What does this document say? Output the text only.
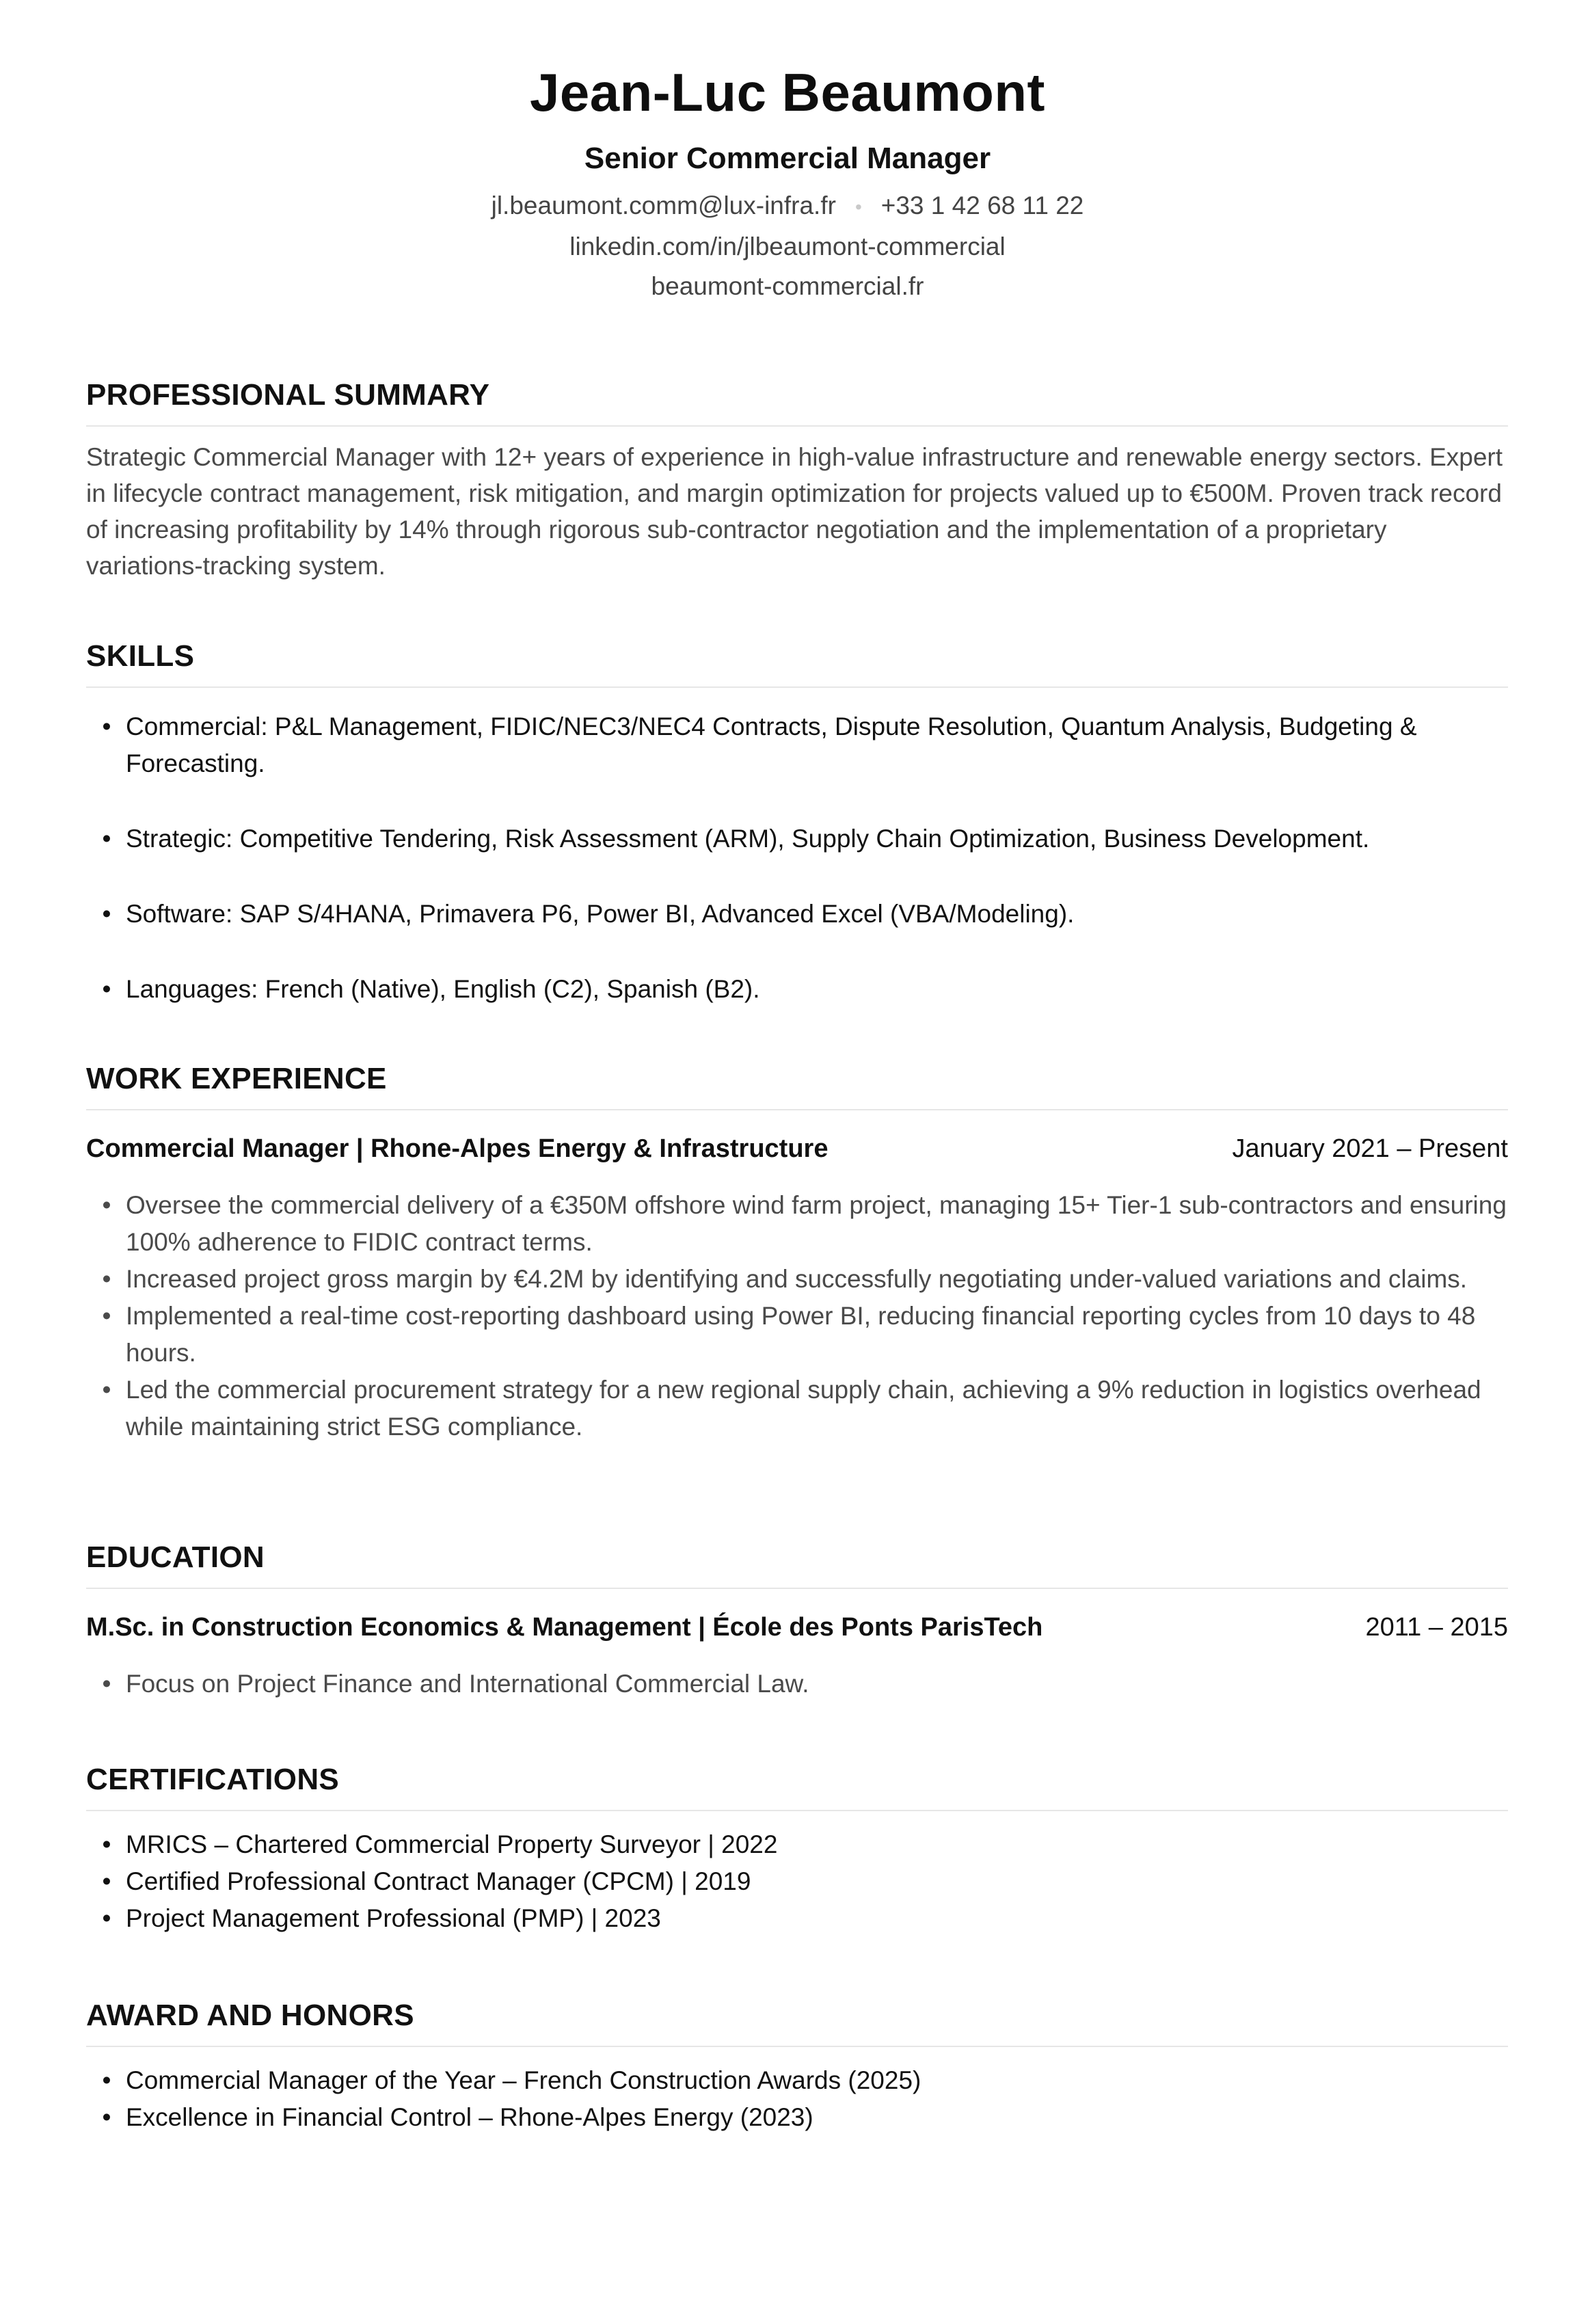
Jean-Luc Beaumont
Senior Commercial Manager
jl.beaumont.comm@lux-infra.fr • +33 1 42 68 11 22
linkedin.com/in/jlbeaumont-commercial
beaumont-commercial.fr
PROFESSIONAL SUMMARY
Strategic Commercial Manager with 12+ years of experience in high-value infrastructure and renewable energy sectors. Expert in lifecycle contract management, risk mitigation, and margin optimization for projects valued up to €500M. Proven track record of increasing profitability by 14% through rigorous sub-contractor negotiation and the implementation of a proprietary variations-tracking system.
SKILLS
• Commercial: P&L Management, FIDIC/NEC3/NEC4 Contracts, Dispute Resolution, Quantum Analysis, Budgeting & Forecasting.
• Strategic: Competitive Tendering, Risk Assessment (ARM), Supply Chain Optimization, Business Development.
• Software: SAP S/4HANA, Primavera P6, Power BI, Advanced Excel (VBA/Modeling).
• Languages: French (Native), English (C2), Spanish (B2).
WORK EXPERIENCE
Commercial Manager | Rhone-Alpes Energy & Infrastructure	January 2021 – Present
• Oversee the commercial delivery of a €350M offshore wind farm project, managing 15+ Tier-1 sub-contractors and ensuring 100% adherence to FIDIC contract terms.
• Increased project gross margin by €4.2M by identifying and successfully negotiating under-valued variations and claims.
• Implemented a real-time cost-reporting dashboard using Power BI, reducing financial reporting cycles from 10 days to 48 hours.
• Led the commercial procurement strategy for a new regional supply chain, achieving a 9% reduction in logistics overhead while maintaining strict ESG compliance.
EDUCATION
M.Sc. in Construction Economics & Management | École des Ponts ParisTech	2011 – 2015
• Focus on Project Finance and International Commercial Law.
CERTIFICATIONS
• MRICS – Chartered Commercial Property Surveyor | 2022
• Certified Professional Contract Manager (CPCM) | 2019
• Project Management Professional (PMP) | 2023
AWARD AND HONORS
• Commercial Manager of the Year – French Construction Awards (2025)
• Excellence in Financial Control – Rhone-Alpes Energy (2023)
